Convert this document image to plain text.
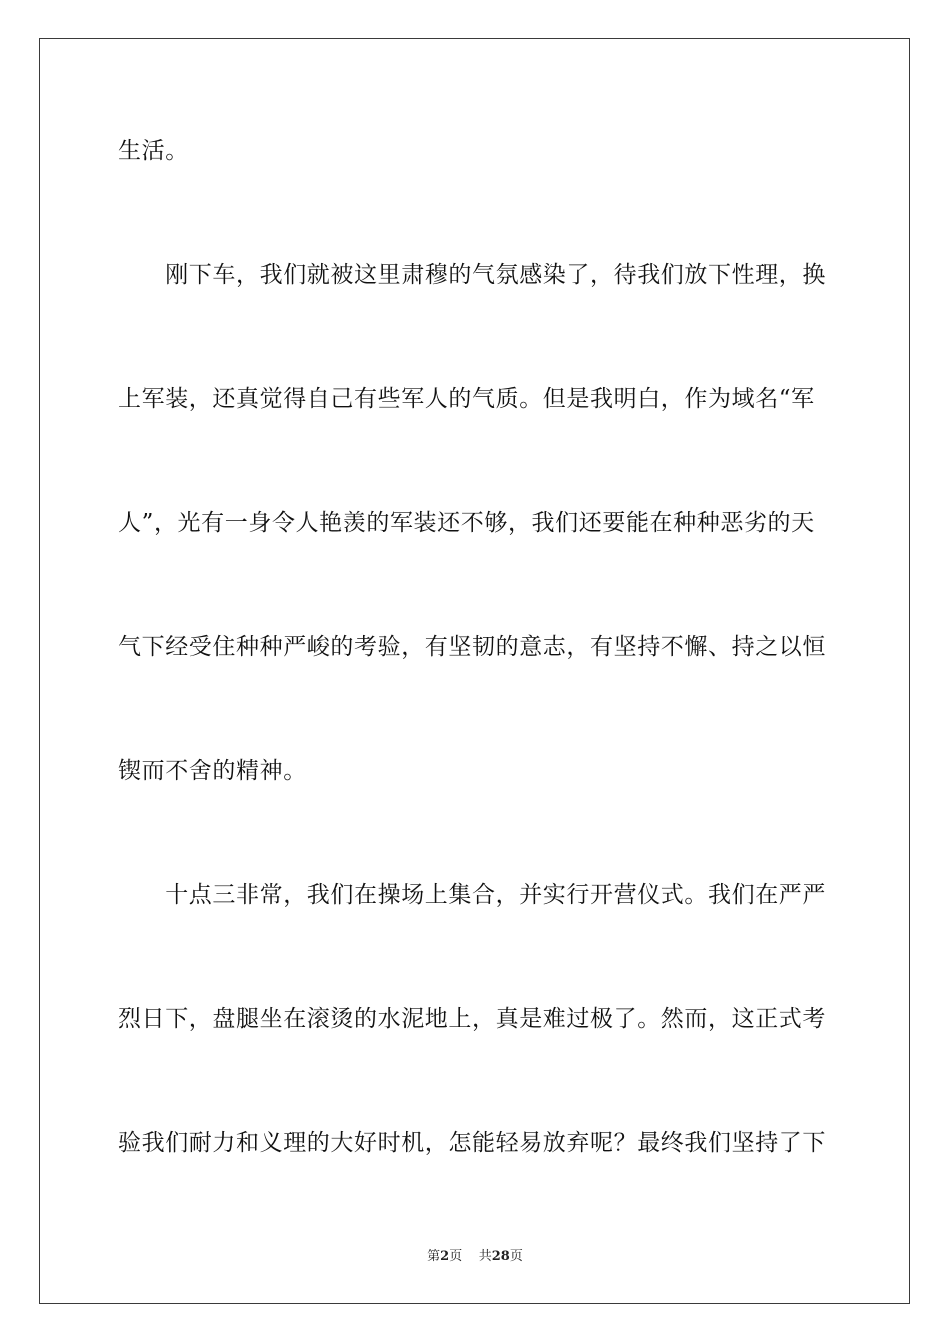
生活。
　　刚下车，我们就被这里肃穆的气氛感染了，待我们放下性理，换
上军装，还真觉得自己有些军人的气质。但是我明白，作为域名“军
人”，光有一身令人艳羡的军装还不够，我们还要能在种种恶劣的天
气下经受住种种严峻的考验，有坚韧的意志，有坚持不懈、持之以恒
锲而不舍的精神。
　　十点三非常，我们在操场上集合，并实行开营仪式。我们在严严
烈日下，盘腿坐在滚烫的水泥地上，真是难过极了。然而，这正式考
验我们耐力和义理的大好时机，怎能轻易放弃呢？最终我们坚持了下
第2页 共28页
